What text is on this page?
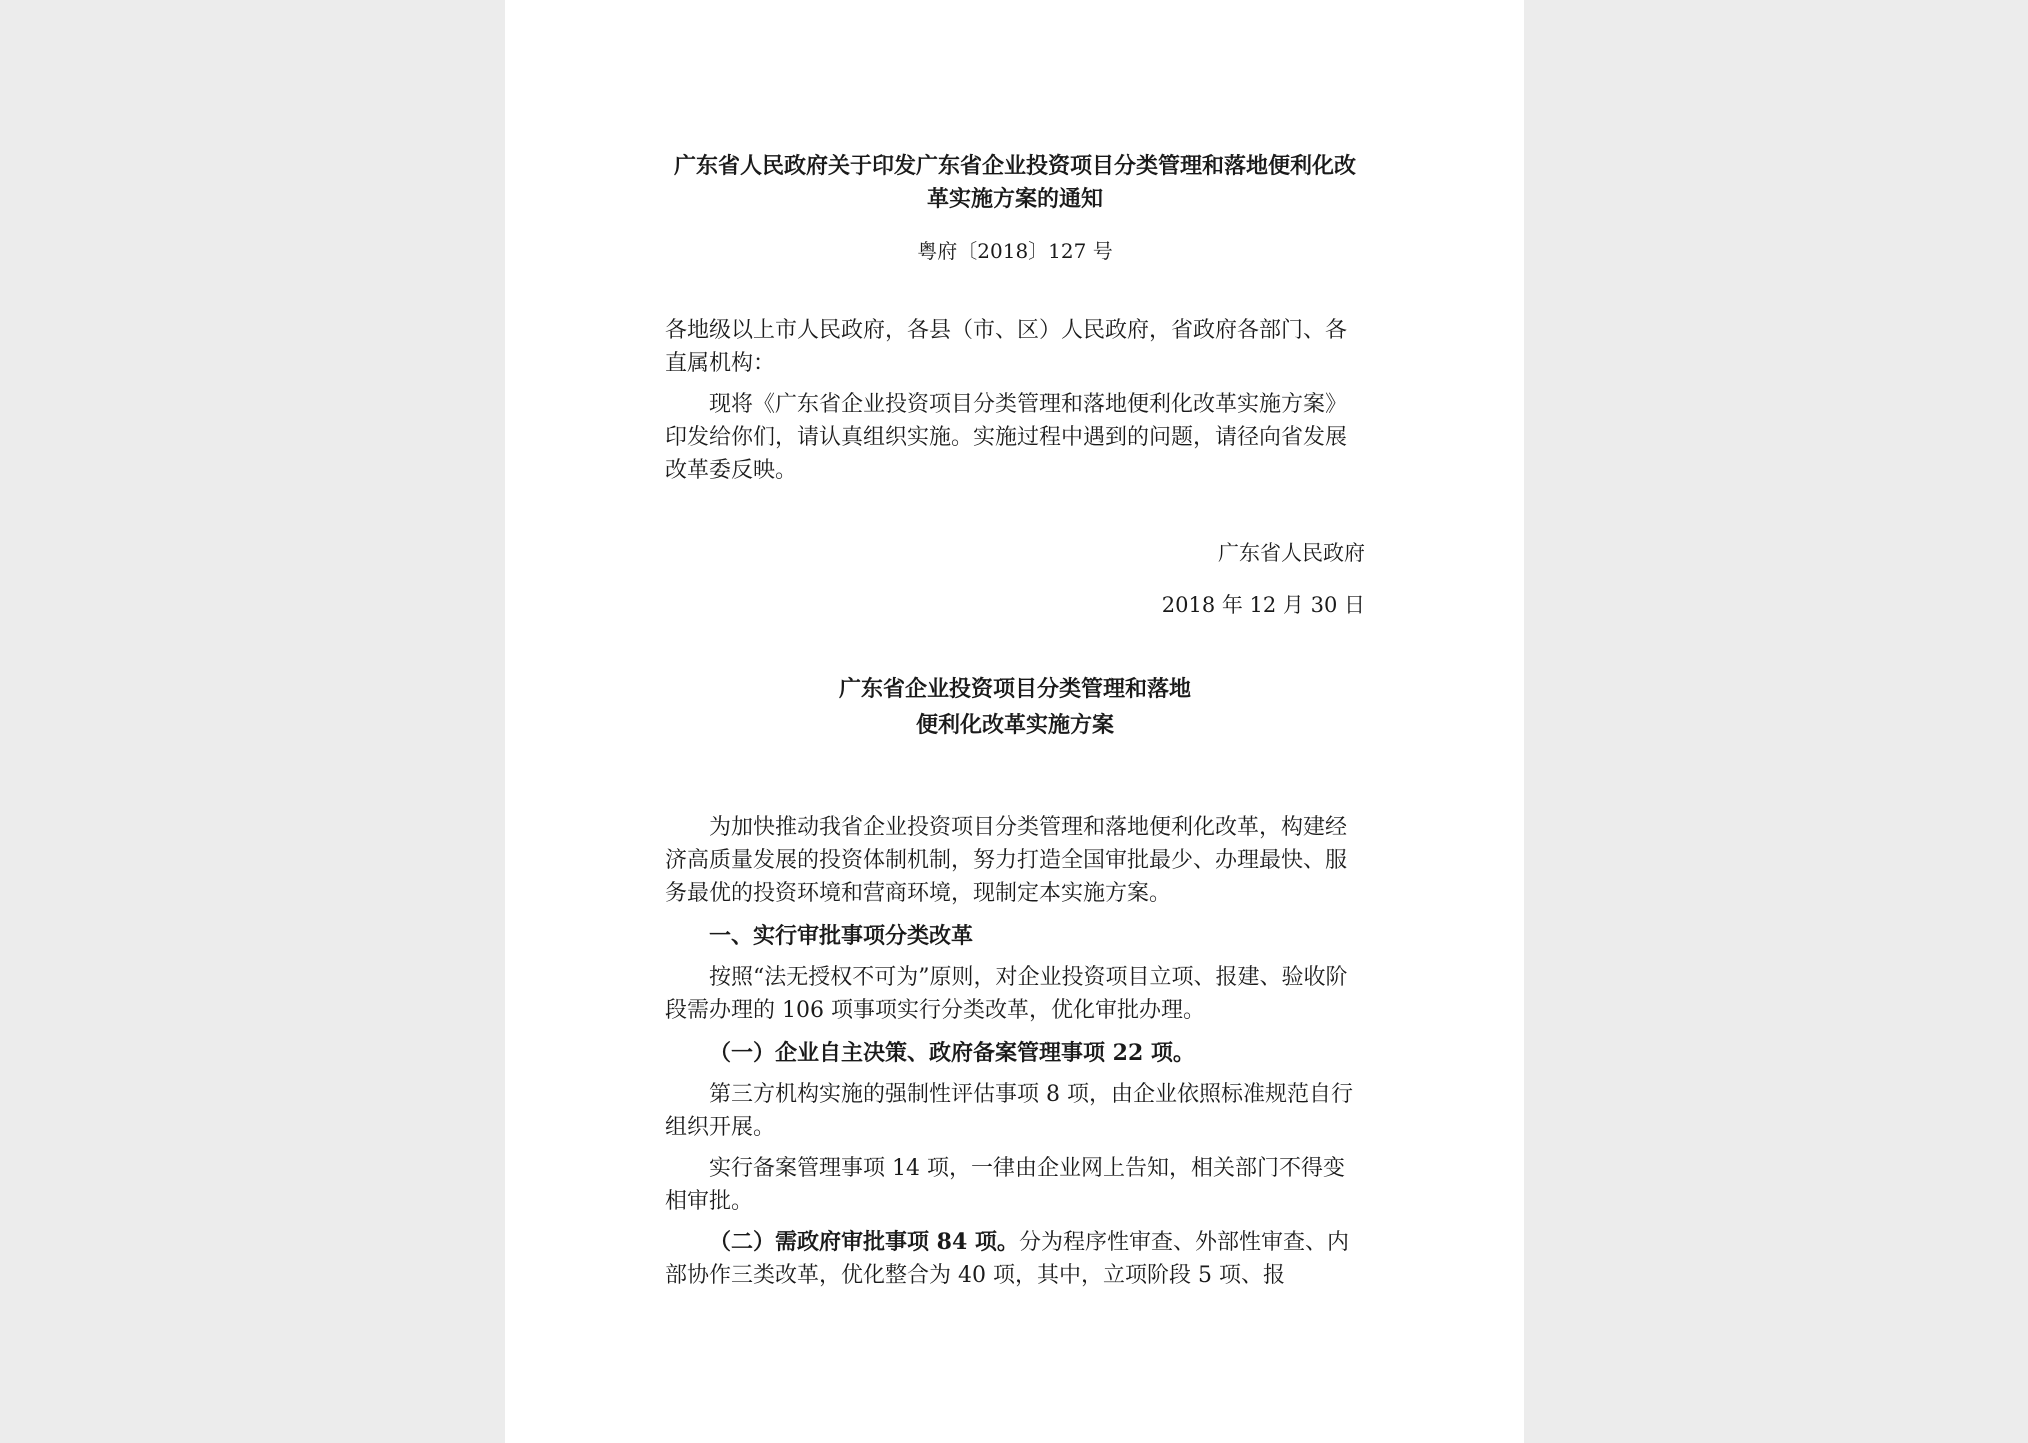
广东省人民政府关于印发广东省企业投资项目分类管理和落地便利化改革实施方案的通知
粤府〔2018〕127 号
各地级以上市人民政府，各县（市、区）人民政府，省政府各部门、各直属机构：

现将《广东省企业投资项目分类管理和落地便利化改革实施方案》印发给你们，请认真组织实施。实施过程中遇到的问题，请径向省发展改革委反映。

广东省人民政府
2018 年 12 月 30 日
广东省企业投资项目分类管理和落地
便利化改革实施方案

为加快推动我省企业投资项目分类管理和落地便利化改革，构建经济高质量发展的投资体制机制，努力打造全国审批最少、办理最快、服务最优的投资环境和营商环境，现制定本实施方案。

一、实行审批事项分类改革

按照“法无授权不可为”原则，对企业投资项目立项、报建、验收阶段需办理的 106 项事项实行分类改革，优化审批办理。

（一）企业自主决策、政府备案管理事项 22 项。

第三方机构实施的强制性评估事项 8 项，由企业依照标准规范自行组织开展。

实行备案管理事项 14 项，一律由企业网上告知，相关部门不得变相审批。

（二）需政府审批事项 84 项。分为程序性审查、外部性审查、内部协作三类改革，优化整合为 40 项，其中，立项阶段 5 项、报
